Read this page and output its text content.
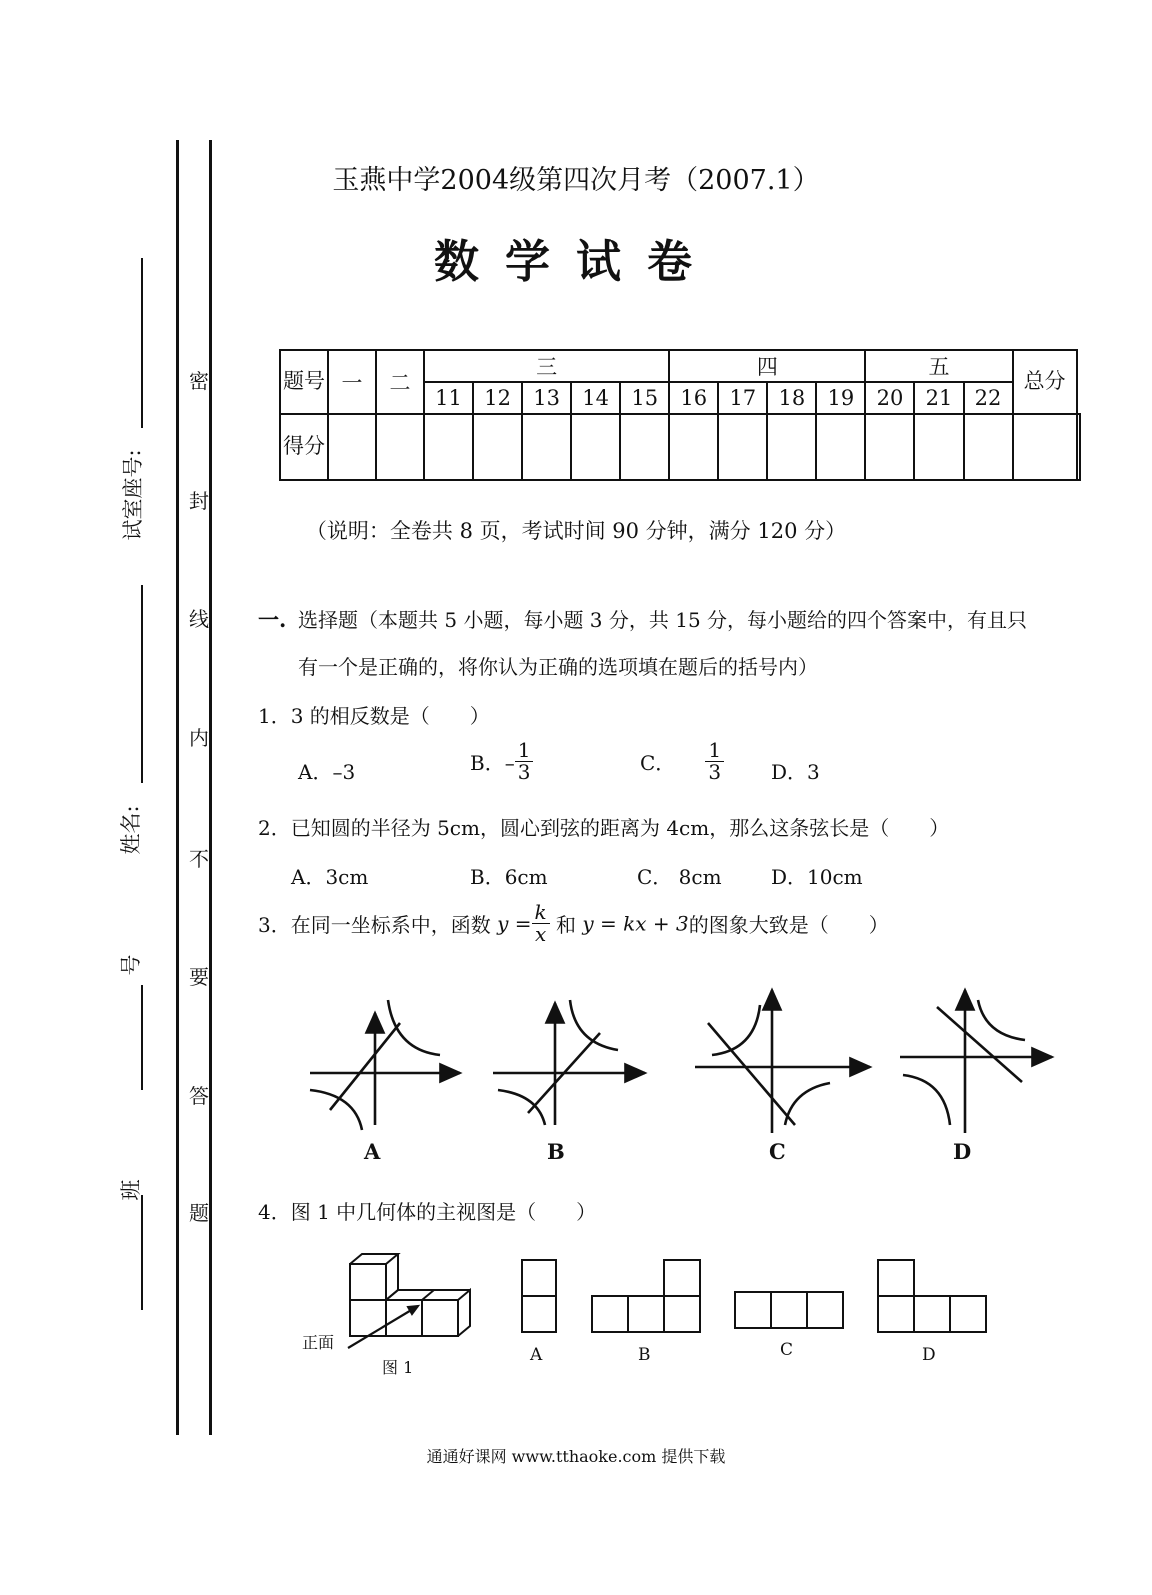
试室座号:
姓名:
号
班
密
封
线
内
不
要
答
题
玉燕中学2004级第四次月考（2007.1）
数学试卷
题号	一	二	三					四				五			总分	
			11	12	13	14	15	16	17	18	19	20	21	22		
得分																
（说明：全卷共 8 页，考试时间 90 分钟，满分 120 分）
一. 选择题（本题共 5 小题，每小题 3 分，共 15 分，每小题给的四个答案中，有且只
有一个是正确的，将你认为正确的选项填在题后的括号内）
1．3 的相反数是（　　）
A．–3	B．– $\frac{1}{3}$	C． $\frac{1}{3}$ D．3
2．已知圆的半径为 5cm，圆心到弦的距离为 4cm，那么这条弦长是（　　）
A．3cm	B．6cm	C． 8cm D．10cm
3．在同一坐标系中，函数 $y = \frac{k}{x}$ 和 y = kx + 3的图象大致是（　　）
A	B	C	D
4．图 1 中几何体的主视图是（　　）
正面
图 1
A	B	C	D
通通好课网 www.tthaoke.com 提供下载
